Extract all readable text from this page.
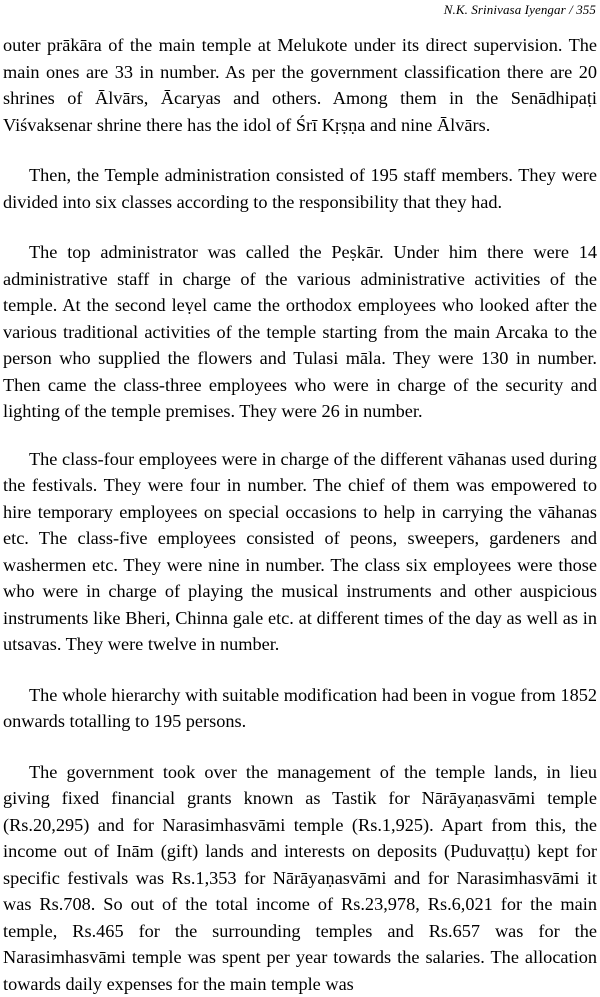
N.K. Srinivasa Iyengar / 355

outer prākāra of the main temple at Melukote under its direct supervision. The main ones are 33 in number. As per the government classification there are 20 shrines of Ālvārs, Ācaryas and others. Among them in the Senādhipaṭi Viśvaksenar shrine there has the idol of Śrī Kṛṣṇa and nine Ālvārs.

Then, the Temple administration consisted of 195 staff members. They were divided into six classes according to the responsibility that they had.

The top administrator was called the Peṣkār. Under him there were 14 administrative staff in charge of the various administrative activities of the temple. At the second leṿel came the orthodox employees who looked after the various traditional activities of the temple starting from the main Arcaka to the person who supplied the flowers and Tulasi māla. They were 130 in number. Then came the class-three employees who were in charge of the security and lighting of the temple premises. They were 26 in number.

The class-four employees were in charge of the different vāhanas used during the festivals. They were four in number. The chief of them was empowered to hire temporary employees on special occasions to help in carrying the vāhanas etc. The class-five employees consisted of peons, sweepers, gardeners and washermen etc. They were nine in number. The class six employees were those who were in charge of playing the musical instruments and other auspicious instruments like Bheri, Chinna gale etc. at different times of the day as well as in utsavas. They were twelve in number.

The whole hierarchy with suitable modification had been in vogue from 1852 onwards totalling to 195 persons.

The government took over the management of the temple lands, in lieu giving fixed financial grants known as Tastik for Nārāyaṇasvāmi temple (Rs.20,295) and for Narasimhasvāmi temple (Rs.1,925). Apart from this, the income out of Inām (gift) lands and interests on deposits (Puduvaṭṭu) kept for specific festivals was Rs.1,353 for Nārāyaṇasvāmi and for Narasimhasvāmi it was Rs.708. So out of the total income of Rs.23,978, Rs.6,021 for the main temple, Rs.465 for the surrounding temples and Rs.657 was for the Narasimhasvāmi temple was spent per year towards the salaries. The allocation towards daily expenses for the main temple was
